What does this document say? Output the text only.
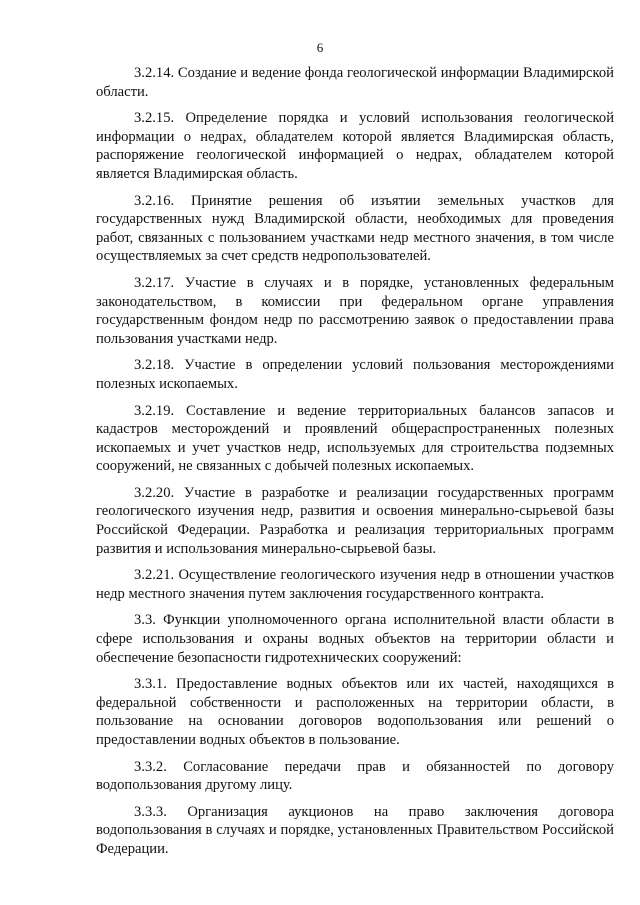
6

3.2.14. Создание и ведение фонда геологической информации Владимирской области.

3.2.15. Определение порядка и условий использования геологической информации о недрах, обладателем которой является Владимирская область, распоряжение геологической информацией о недрах, обладателем которой является Владимирская область.

3.2.16. Принятие решения об изъятии земельных участков для государственных нужд Владимирской области, необходимых для проведения работ, связанных с пользованием участками недр местного значения, в том числе осуществляемых за счет средств недропользователей.

3.2.17. Участие в случаях и в порядке, установленных федеральным законодательством, в комиссии при федеральном органе управления государственным фондом недр по рассмотрению заявок о предоставлении права пользования участками недр.

3.2.18. Участие в определении условий пользования месторождениями полезных ископаемых.

3.2.19. Составление и ведение территориальных балансов запасов и кадастров месторождений и проявлений общераспространенных полезных ископаемых и учет участков недр, используемых для строительства подземных сооружений, не связанных с добычей полезных ископаемых.

3.2.20. Участие в разработке и реализации государственных программ геологического изучения недр, развития и освоения минерально-сырьевой базы Российской Федерации. Разработка и реализация территориальных программ развития и использования минерально-сырьевой базы.

3.2.21. Осуществление геологического изучения недр в отношении участков недр местного значения путем заключения государственного контракта.

3.3. Функции уполномоченного органа исполнительной власти области в сфере использования и охраны водных объектов на территории области и обеспечение безопасности гидротехнических сооружений:

3.3.1. Предоставление водных объектов или их частей, находящихся в федеральной собственности и расположенных на территории области, в пользование на основании договоров водопользования или решений о предоставлении водных объектов в пользование.

3.3.2. Согласование передачи прав и обязанностей по договору водопользования другому лицу.

3.3.3. Организация аукционов на право заключения договора водопользования в случаях и порядке, установленных Правительством Российской Федерации.
